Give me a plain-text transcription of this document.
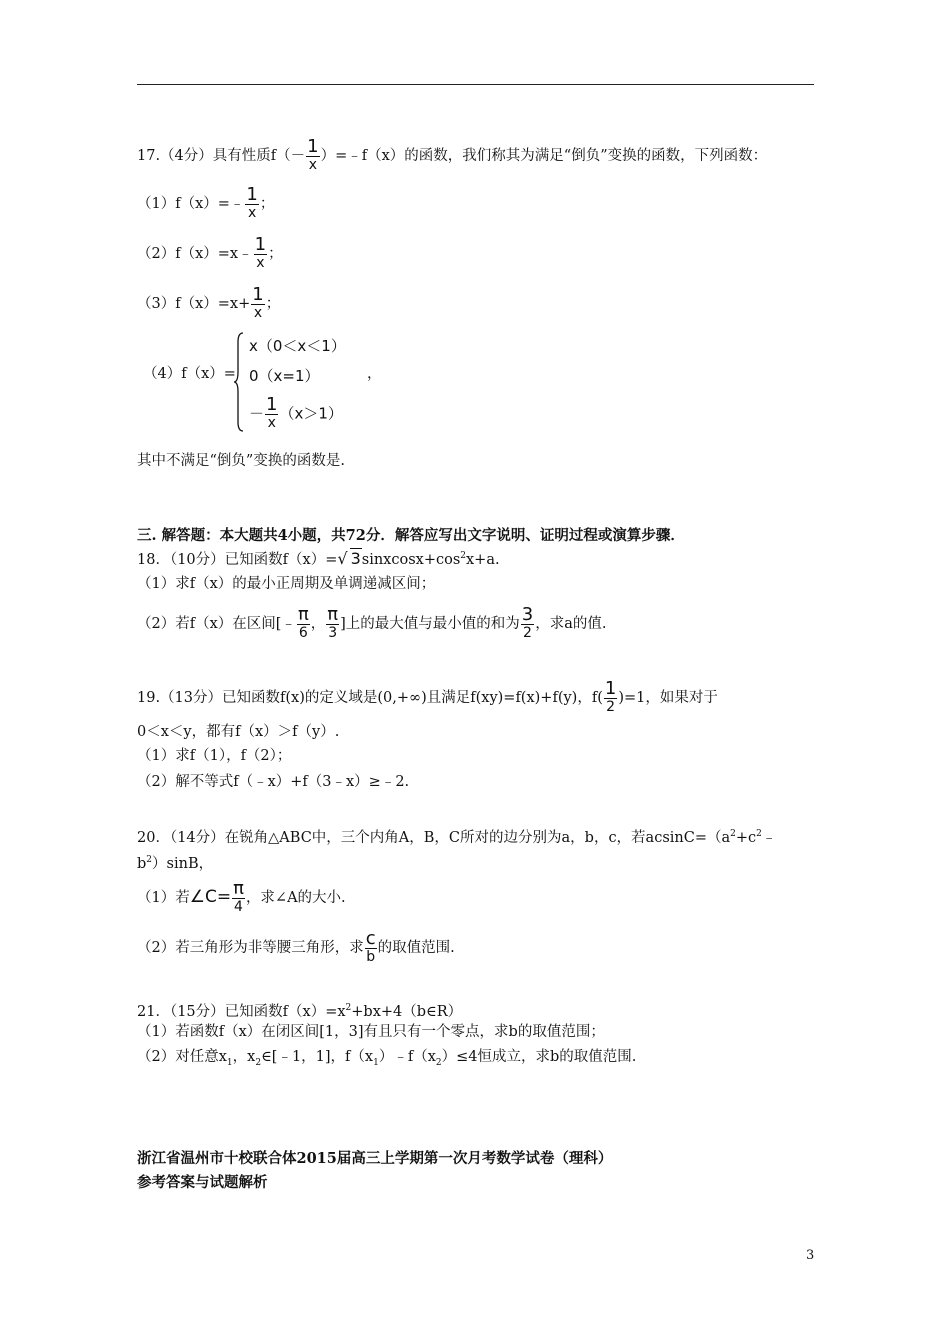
17.（4分）具有性质$f(- \frac{1}{x}$ ）=﹣f（x）的函数，我们称其为满足“倒负”变换的函数，下列函数：
（1）f（x）=﹣ $\frac{1}{x}$ ；
（2）f（x）=x﹣ $\frac{1}{x}$ ；
$(3)f(x)=x+ \frac{1}{x}$ ；
（4）f（x）=
x（0＜x＜1）
0（x=1）
－ $\frac{1}{x} (x>1)$
，
其中不满足“倒负”变换的函数是.
三. 解答题：本大题共4小题，共72分．解答应写出文字说明、证明过程或演算步骤．
18．（10分）已知函数f（x）=√ $3sinxcosx+\cos^2x+a$.
（1）求f（x）的最小正周期及单调递减区间；
（2）若f（x）在区间[﹣ $\frac{\pi}{6}$ ， $\frac{\pi}{3}$ ]上的最大值与最小值的和为 $\frac{3}{2}$ ，求a的值.
19.（13分）已知函数f(x)的定义域是(0,+∞)且满足f(xy)=f(x)+f(y)，$f( \frac{1}{2} )=1$，如果对于
0＜x＜y，都有f（x）＞f（y）.
（1）求f（1），f（2）；
（2）解不等式f（﹣x）+f（3﹣x）≥﹣2.
20．（14分）在锐角△ABC中，三个内角A，B，C所对的边分别为a，b，c，若$acsinC=(a^2+c^2﹣$
$b^2)\sin B$，
（1）若∠C= $\frac{\pi}{4}$ ，求∠A的大小.
（2）若三角形为非等腰三角形，求 $\frac{c}{b}$ 的取值范围.
21．（15分）已知函数$f(x)=x^2+bx+4(b\in R)$
（1）若函数f（x）在闭区间[1，3]有且只有一个零点，求b的取值范围；
（2）对任意$x_1$，$x_2\in[﹣1$，1]，$f(x_1)﹣f(x_2)\le 4$恒成立，求b的取值范围.
浙江省温州市十校联合体2015届高三上学期第一次月考数学试卷（理科）
参考答案与试题解析
3
